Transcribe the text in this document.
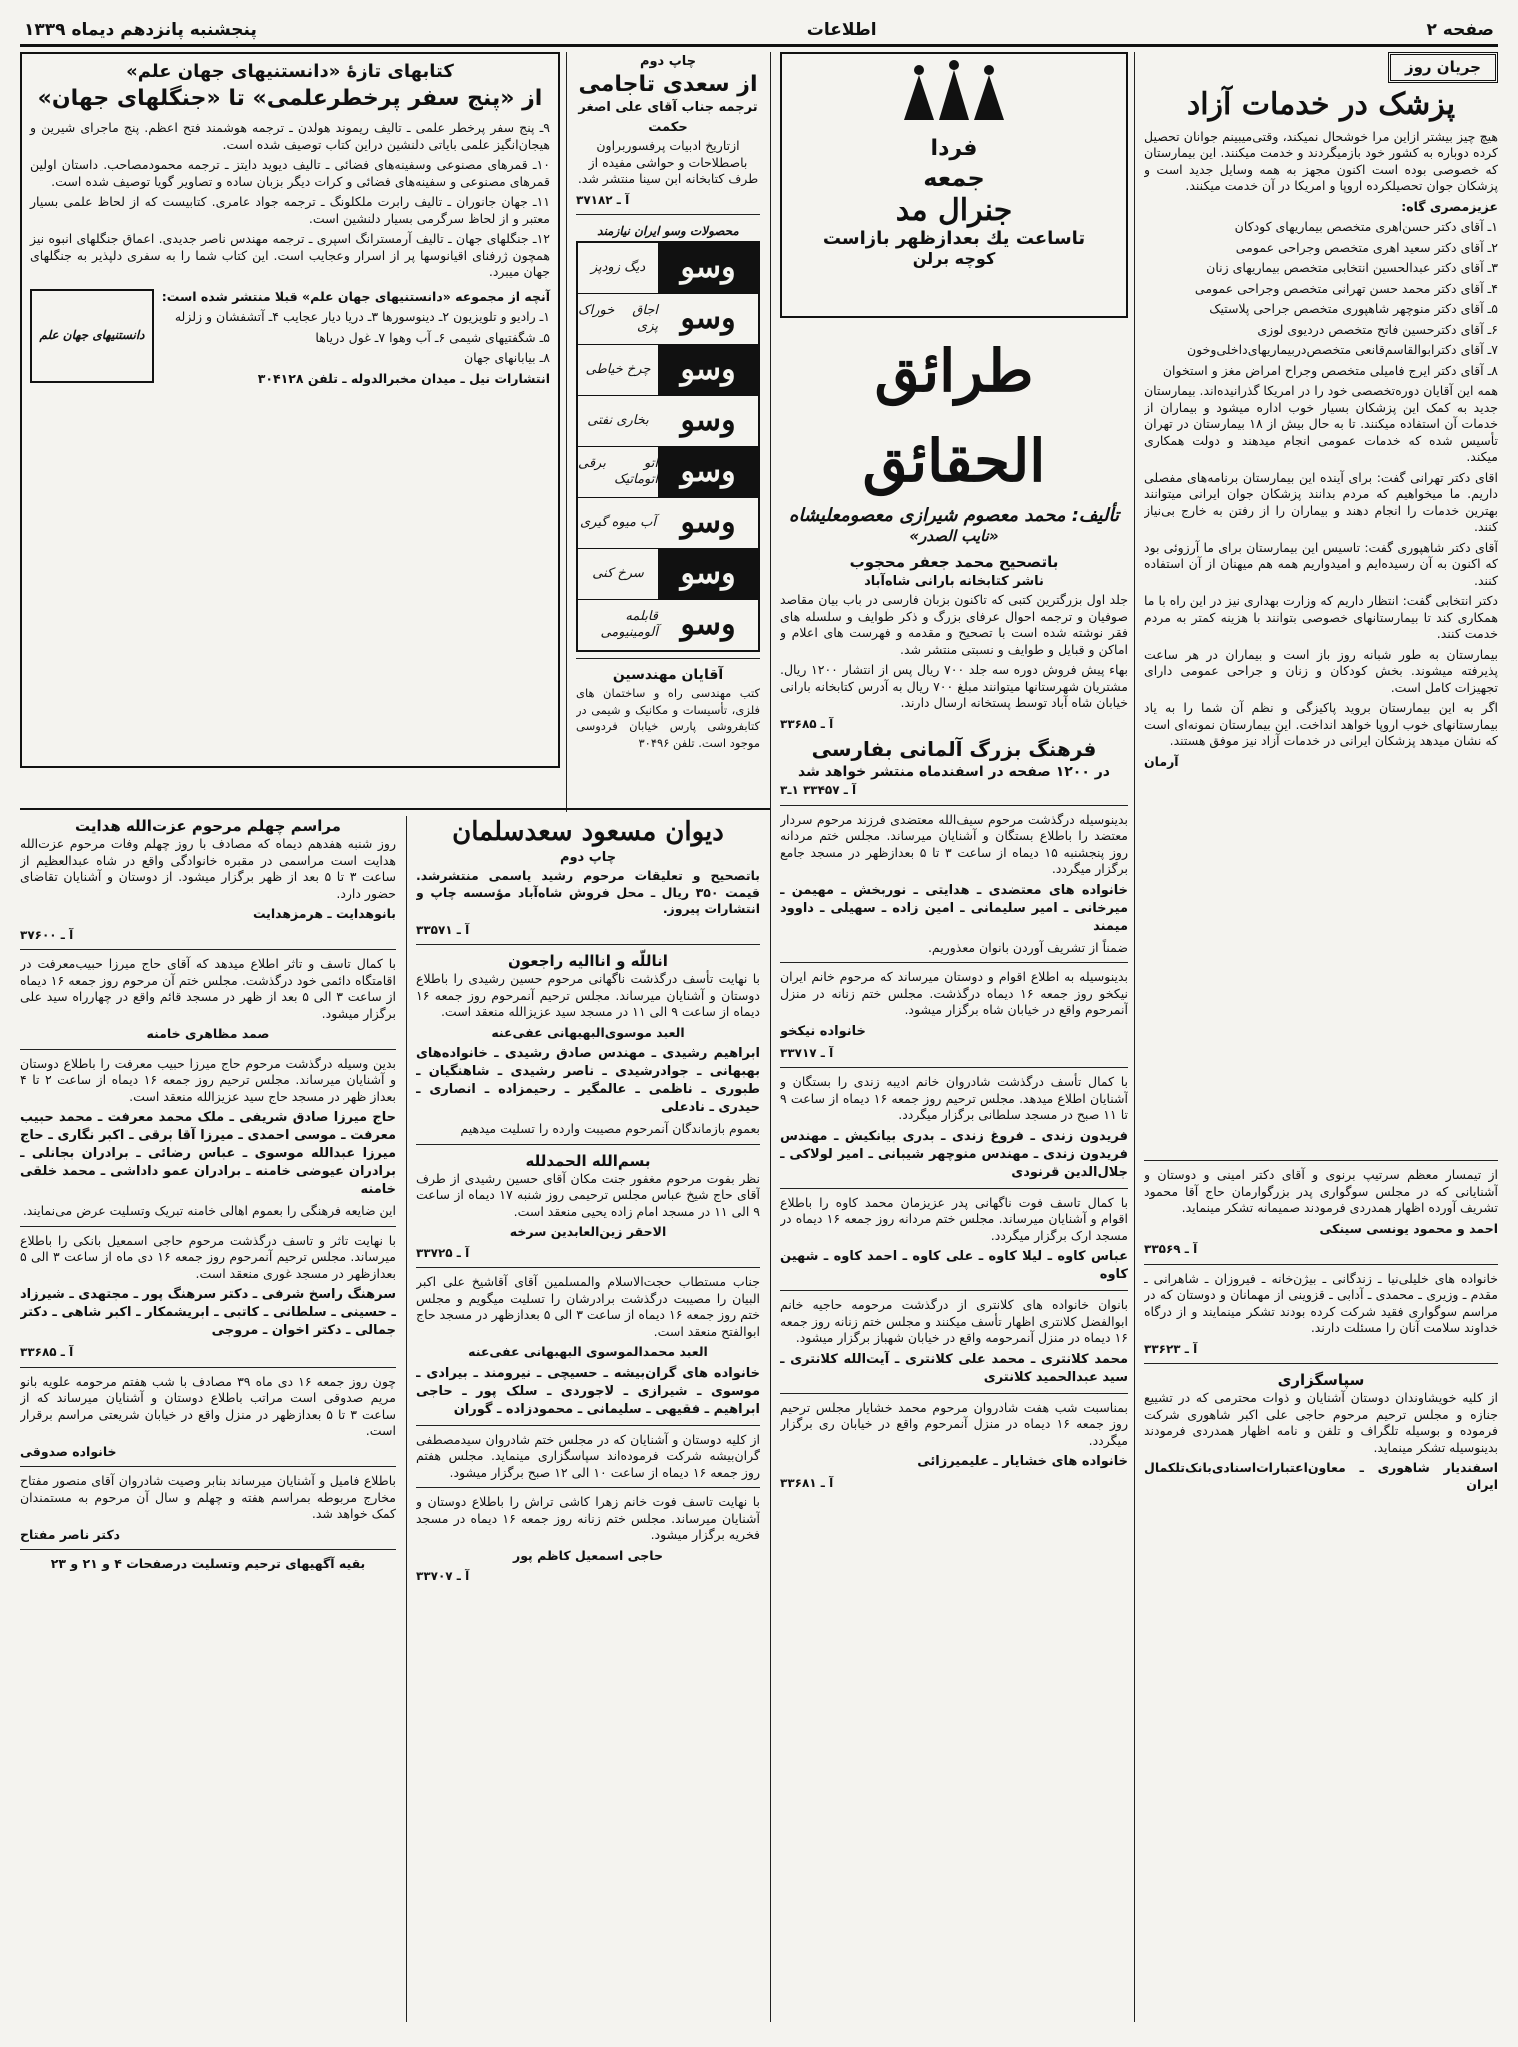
صفحه ۲
اطلاعات
پنجشنبه پانزدهم دیماه ۱۳۳۹
جریان روز
پزشک در خدمات آزاد

هیچ چیز بیشتر ازاین مرا خوشحال نمیکند، وقتی‌میبینم جوانان تحصیل کرده دوباره به کشور خود بازمیگردند و خدمت میکنند. این بیمارستان که خصوصی بوده است اکنون مجهز به همه وسایل جدید است و پزشکان جوان تحصیلکرده اروپا و امریکا در آن خدمت میکنند.

عزیزمصری گاه:

۱ـ آقای دکتر حسن‌اهری متخصص بیماریهای کودکان

۲ـ آقای دکتر سعید اهری متخصص وجراحی عمومی

۳ـ آقای دکتر عبدالحسین انتخابی متخصص بیماریهای زنان

۴ـ آقای دکتر محمد حسن تهرانی متخصص وجراحی عمومی

۵ـ آقای دکتر منوچهر شاهپوری متخصص جراحی پلاستیک

۶ـ آقای دکترحسین فاتح متخصص دردیوی لوزی

۷ـ آقای دکترابوالقاسم‌قانعی متخصص‌دربیماریهای‌داخلی‌وخون

۸ـ آقای دکتر ایرج فامیلی متخصص وجراح امراض مغز و استخوان

همه این آقایان دوره‌تخصصی خود را در امریکا گذرانیده‌اند. بیمارستان جدید به کمک این پزشکان بسیار خوب اداره میشود و بیماران از خدمات آن استفاده میکنند. تا به حال بیش از ۱۸ بیمارستان در تهران تأسیس شده که خدمات عمومی انجام میدهند و دولت همکاری میکند.

اقای دکتر تهرانی گفت: برای آینده این بیمارستان برنامه‌های مفصلی داریم. ما میخواهیم که مردم بدانند پزشکان جوان ایرانی میتوانند بهترین خدمات را انجام دهند و بیماران را از رفتن به خارج بی‌نیاز کنند.

آقای دکتر شاهپوری گفت: تاسیس این بیمارستان برای ما آرزوئی بود که اکنون به آن رسیده‌ایم و امیدواریم همه هم میهنان از آن استفاده کنند.

دکتر انتخابی گفت: انتظار داریم که وزارت بهداری نیز در این راه با ما همکاری کند تا بیمارستانهای خصوصی بتوانند با هزینه کمتر به مردم خدمت کنند.

بیمارستان به طور شبانه روز باز است و بیماران در هر ساعت پذیرفته میشوند. بخش کودکان و زنان و جراحی عمومی دارای تجهیزات کامل است.

اگر به این بیمارستان بروید پاکیزگی و نظم آن شما را به یاد بیمارستانهای خوب اروپا خواهد انداخت. این بیمارستان نمونه‌ای است که نشان میدهد پزشکان ایرانی در خدمات آزاد نیز موفق هستند.

آرمان

از تیمسار معظم سرتیپ برنوی و آقای دکتر امینی و دوستان و آشنایانی که در مجلس سوگواری پدر بزرگوارمان حاج آقا محمود تشریف آورده اظهار همدردی فرمودند صمیمانه تشکر مینماید.

احمد و محمود یونسی سینکی

آ ـ ۳۳۵۶۹

خانواده های خلیلی‌نیا ـ زندگانی ـ بیژن‌خانه ـ فیروزان ـ شاهرانی ـ مقدم ـ وزیری ـ محمدی ـ آدابی ـ قزوینی از مهمانان و دوستان که در مراسم سوگواری فقید شرکت کرده بودند تشکر مینمایند و از درگاه خداوند سلامت آنان را مسئلت دارند.

آ ـ ۳۳۶۲۳

سپاسگزاری

از کلیه خویشاوندان دوستان آشنایان و ذوات محترمی که در تشییع جنازه و مجلس ترحیم مرحوم حاجی علی اکبر شاهوری شرکت فرموده و بوسیله تلگراف و تلفن و نامه اظهار همدردی فرمودند بدینوسیله تشکر مینماید.

اسفندیار شاهوری ـ معاون‌اعتبارات‌اسنادی‌بانک‌تلکمال ایران

فردا
جمعه
جنرال مد
تاساعت یك بعدازظهر بازاست
کوچه برلن
طرائق الحقائق
تألیف: محمد معصوم شیرازی معصومعلیشاه
«نایب الصدر»
باتصحیح محمد جعفر محجوب
ناشر کتابخانه بارانی شاه‌آباد

جلد اول بزرگترین کتبی که تاکنون بزبان فارسی در باب بیان مقاصد صوفیان و ترجمه احوال عرفای بزرگ و ذکر طوایف و سلسله های فقر نوشته شده است با تصحیح و مقدمه و فهرست های اعلام و اماکن و قبایل و طوایف و نسبتی منتشر شد.

بهاء پیش فروش دوره سه جلد ۷۰۰ ریال پس از انتشار ۱۲۰۰ ریال. مشتریان شهرستانها میتوانند مبلغ ۷۰۰ ریال به آدرس کتابخانه بارانی خیابان شاه آباد توسط پستخانه ارسال دارند.

آ ـ ۳۳۶۸۵

فرهنگ بزرگ آلمانی بفارسی
در ۱۲۰۰ صفحه در اسفندماه منتشر خواهد شد

آ ـ ۳۳۴۵۷ ۱ـ۳

بدینوسیله درگذشت مرحوم سیف‌الله معتضدی فرزند مرحوم سردار معتضد را باطلاع بستگان و آشنایان میرساند. مجلس ختم مردانه روز پنجشنبه ۱۵ دیماه از ساعت ۳ تا ۵ بعدازظهر در مسجد جامع برگزار میگردد.

خانواده های معتضدی ـ هدایتی ـ نوربخش ـ مهیمن ـ میرخانی ـ امیر سلیمانی ـ امین زاده ـ سهیلی ـ داوود میمند

ضمناً از تشریف آوردن بانوان معذوریم.

بدینوسیله به اطلاع اقوام و دوستان میرساند که مرحوم خانم ایران نیکخو روز جمعه ۱۶ دیماه درگذشت. مجلس ختم زنانه در منزل آنمرحوم واقع در خیابان شاه برگزار میشود.

خانواده نیکخو

آ ـ ۳۳۷۱۷

با کمال تأسف درگذشت شادروان خانم ادیبه زندی را بستگان و آشنایان اطلاع میدهد. مجلس ترحیم روز جمعه ۱۶ دیماه از ساعت ۹ تا ۱۱ صبح در مسجد سلطانی برگزار میگردد.

فریدون زندی ـ فروغ زندی ـ بدری بیانکیش ـ مهندس فریدون زندی ـ مهندس منوچهر شیبانی ـ امیر لولاکی ـ جلال‌الدین قرنودی

با کمال تاسف فوت ناگهانی پدر عزیزمان محمد کاوه را باطلاع اقوام و آشنایان میرساند. مجلس ختم مردانه روز جمعه ۱۶ دیماه در مسجد ارک برگزار میگردد.

عباس کاوه ـ لیلا کاوه ـ علی کاوه ـ احمد کاوه ـ شهین کاوه

بانوان خانواده های کلانتری از درگذشت مرحومه حاجیه خانم ابوالفضل کلانتری اظهار تأسف میکنند و مجلس ختم زنانه روز جمعه ۱۶ دیماه در منزل آنمرحومه واقع در خیابان شهباز برگزار میشود.

محمد کلانتری ـ محمد علی کلانتری ـ آیت‌الله کلانتری ـ سید عبدالحمید کلانتری

بمناسبت شب هفت شادروان مرحوم محمد خشایار مجلس ترحیم روز جمعه ۱۶ دیماه در منزل آنمرحوم واقع در خیابان ری برگزار میگردد.

خانواده های خشایار ـ علیمیرزائی

آ ـ ۳۳۶۸۱

چاپ دوم
از سعدی تاجامی
ترجمه جناب آقای علی اصغر حکمت

ازتاریخ ادبیات پرفسوربراون باصطلاحات و حواشی مفیده از طرف کتابخانه ابن سینا منتشر شد.

آ ـ ۳۷۱۸۲

محصولات وسو ایران نیازمند
وسو
دیگ زودپز
وسو
اجاق خوراک پزی
وسو
چرخ خیاطی
وسو
بخاری نفتی
وسو
اتو برقی اتوماتیک
وسو
آب میوه گیری
وسو
سرخ کنی
وسو
قابلمه آلومینیومی
آقایان مهندسین

کتب مهندسی راه و ساختمان های فلزی، تأسیسات و مکانیک و شیمی در کتابفروشی پارس خیابان فردوسی موجود است. تلفن ۳۰۴۹۶

دیوان مسعود سعدسلمان
چاپ دوم

باتصحیح و تعلیقات مرحوم رشید یاسمی منتشرشد. قیمت ۳۵۰ ریال ـ محل فروش شاه‌آباد مؤسسه چاپ و انتشارات پیروز.

آ ـ ۳۳۵۷۱

اناللّه و اناالیه راجعون

با نهایت تأسف درگذشت ناگهانی مرحوم حسین رشیدی را باطلاع دوستان و آشنایان میرساند. مجلس ترحیم آنمرحوم روز جمعه ۱۶ دیماه از ساعت ۹ الی ۱۱ در مسجد سید عزیزالله منعقد است.

العبد موسوی‌البهبهانی عفی‌عنه

ابراهیم رشیدی ـ مهندس صادق رشیدی ـ خانواده‌های بهبهانی ـ جوادرشیدی ـ ناصر رشیدی ـ شاهنگیان ـ طبوری ـ ناظمی ـ عالمگیر ـ رحیمزاده ـ انصاری ـ حیدری ـ نادعلی

بعموم بازماندگان آنمرحوم مصیبت وارده را تسلیت میدهیم

بسم‌الله الحمدلله

نظر بفوت مرحوم مغفور جنت مکان آقای حسین رشیدی از طرف آقای حاج شیخ عباس مجلس ترحیمی روز شنبه ۱۷ دیماه از ساعت ۹ الی ۱۱ در مسجد امام زاده یحیی منعقد است.

الاحقر زین‌العابدین سرخه

آ ـ ۳۳۷۲۵

جناب مستطاب حجت‌الاسلام والمسلمین آقای آقاشیخ علی اکبر البیان را مصیبت درگذشت برادرشان را تسلیت میگویم و مجلس ختم روز جمعه ۱۶ دیماه از ساعت ۳ الی ۵ بعدازظهر در مسجد حاج ابوالفتح منعقد است.

العبد محمدالموسوی البهبهانی عفی‌عنه

خانواده های گران‌بیشه ـ حسیچی ـ نیرومند ـ بیرادی ـ موسوی ـ شیرازی ـ لاجوردی ـ سلک پور ـ حاجی ابراهیم ـ فقیهی ـ سلیمانی ـ محمودزاده ـ گوران

از کلیه دوستان و آشنایان که در مجلس ختم شادروان سیدمصطفی گران‌بیشه شرکت فرموده‌اند سپاسگزاری مینماید. مجلس هفتم روز جمعه ۱۶ دیماه از ساعت ۱۰ الی ۱۲ صبح برگزار میشود.

با نهایت تاسف فوت خانم زهرا کاشی تراش را باطلاع دوستان و آشنایان میرساند. مجلس ختم زنانه روز جمعه ۱۶ دیماه در مسجد فخریه برگزار میشود.

حاجی اسمعیل کاظم پور

آ ـ ۳۳۷۰۷

کتابهای تازهٔ «دانستنیهای جهان علم»
از «پنج سفر پرخطرعلمی» تا «جنگلهای جهان»

۹ـ پنج سفر پرخطر علمی ـ تالیف ریموند هولدن ـ ترجمه هوشمند فتح اعظم. پنج ماجرای شیرین و هیجان‌انگیز علمی بایاتی دلنشین دراین کتاب توصیف شده است.

۱۰ـ قمرهای مصنوعی وسفینه‌های فضائی ـ تالیف دیوید دایتز ـ ترجمه محمودمصاحب. داستان اولین قمرهای مصنوعی و سفینه‌های فضائی و کرات دیگر بزبان ساده و تصاویر گویا توصیف شده است.

۱۱ـ جهان جانوران ـ تالیف رابرت ملکلونگ ـ ترجمه جواد عامری. کتابیست که از لحاظ علمی بسیار معتبر و از لحاظ سرگرمی بسیار دلنشین است.

۱۲ـ جنگلهای جهان ـ تالیف آرمسترانگ اسپری ـ ترجمه مهندس ناصر جدیدی. اعماق جنگلهای انبوه نیز همچون ژرفنای اقیانوسها پر از اسرار وعجایب است. این کتاب شما را به سفری دلپذیر به جنگلهای جهان میبرد.

آنچه از مجموعه «دانستنیهای جهان علم» قبلا منتشر شده است:

۱ـ رادیو و تلویزیون ۲ـ دینوسورها ۳ـ دریا دیار عجایب ۴ـ آتشفشان و زلزله

۵ـ شگفتیهای شیمی ۶ـ آب وهوا ۷ـ غول دریاها

۸ـ بیابانهای جهان

انتشارات نیل ـ میدان مخبرالدوله ـ تلفن ۳۰۴۱۲۸

دانستنیهای جهان علم
مراسم چهلم مرحوم عزت‌الله هدایت

روز شنبه هفدهم دیماه که مصادف با روز چهلم وفات مرحوم عزت‌الله هدایت است مراسمی در مقبره خانوادگی واقع در شاه عبدالعظیم از ساعت ۳ تا ۵ بعد از ظهر برگزار میشود. از دوستان و آشنایان تقاضای حضور دارد.

بانوهدایت ـ هرمزهدایت

آ ـ ۳۷۶۰۰

با کمال تاسف و تاثر اطلاع میدهد که آقای حاج میرزا حبیب‌معرفت در اقامتگاه دائمی خود درگذشت. مجلس ختم آن مرحوم روز جمعه ۱۶ دیماه از ساعت ۳ الی ۵ بعد از ظهر در مسجد قائم واقع در چهارراه سید علی برگزار میشود.

صمد مظاهری خامنه

بدین وسیله درگذشت مرحوم حاج میرزا حبیب معرفت را باطلاع دوستان و آشنایان میرساند. مجلس ترحیم روز جمعه ۱۶ دیماه از ساعت ۲ تا ۴ بعداز ظهر در مسجد حاج سید عزیزالله منعقد است.

حاج میرزا صادق شریفی ـ ملک محمد معرفت ـ محمد حبیب معرفت ـ موسی احمدی ـ میرزا آقا برقی ـ اکبر نگاری ـ حاج میرزا عبدالله موسوی ـ عباس رضائی ـ برادران بجانلی ـ برادران عیوضی خامنه ـ برادران عمو داداشی ـ محمد خلقی خامنه

این ضایعه فرهنگی را بعموم اهالی خامنه تبریک وتسلیت عرض می‌نمایند.

با نهایت تاثر و تاسف درگذشت مرحوم حاجی اسمعیل بانکی را باطلاع میرساند. مجلس ترحیم آنمرحوم روز جمعه ۱۶ دی ماه از ساعت ۳ الی ۵ بعدازظهر در مسجد غوری منعقد است.

سرهنگ راسخ شرفی ـ دکتر سرهنگ پور ـ مجتهدی ـ شیرزاد ـ حسینی ـ سلطانی ـ کاتبی ـ ابریشمکار ـ اکبر شاهی ـ دکتر جمالی ـ دکتر اخوان ـ مروجی

آ ـ ۳۳۶۸۵

چون روز جمعه ۱۶ دی ماه ۳۹ مصادف با شب هفتم مرحومه علویه بانو مریم صدوقی است مراتب باطلاع دوستان و آشنایان میرساند که از ساعت ۳ تا ۵ بعدازظهر در منزل واقع در خیابان شریعتی مراسم برقرار است.

خانواده صدوقی

باطلاع فامیل و آشنایان میرساند بنابر وصیت شادروان آقای منصور مفتاح مخارج مربوطه بمراسم هفته و چهلم و سال آن مرحوم به مستمندان کمک خواهد شد.

دکتر ناصر مفتاح

بقیه آگهیهای ترحیم وتسلیت درصفحات ۴ و ۲۱ و ۲۳
